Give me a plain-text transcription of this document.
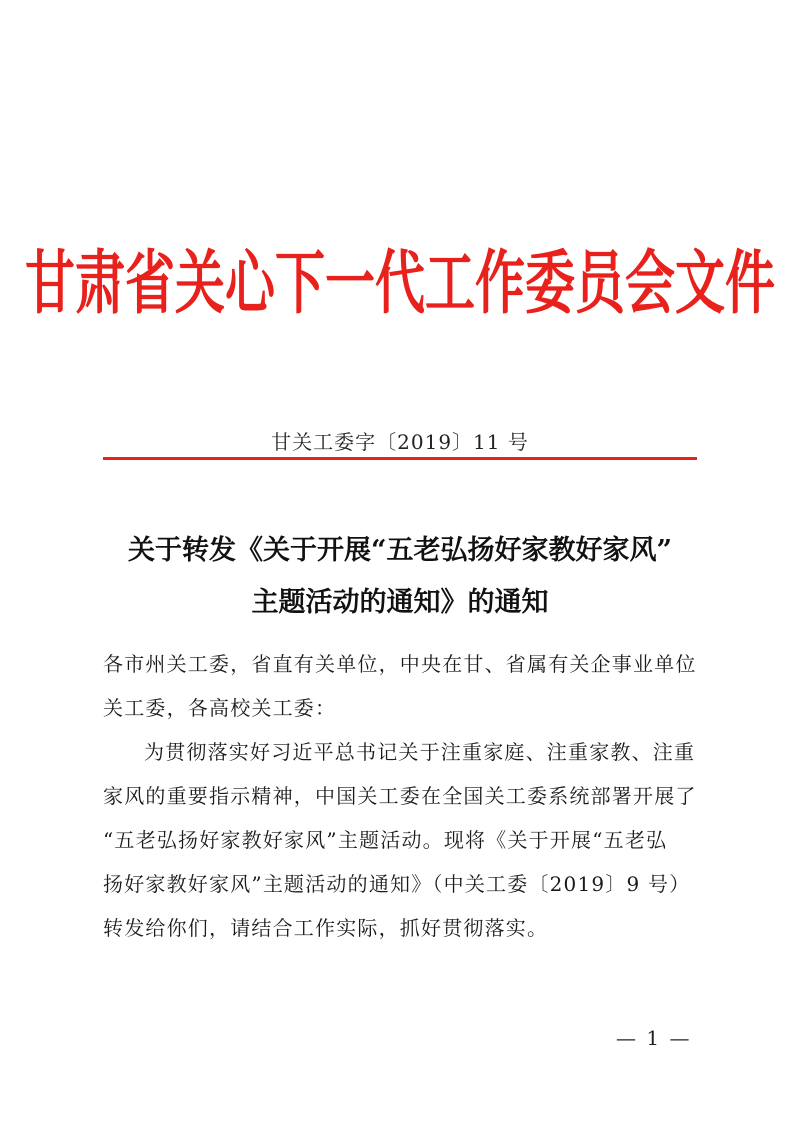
甘肃省关心下一代工作委员会文件
甘关工委字〔2019〕11 号
关于转发《关于开展“五老弘扬好家教好家风”
主题活动的通知》的通知
各市州关工委，省直有关单位，中央在甘、省属有关企事业单位
关工委，各高校关工委：
为贯彻落实好习近平总书记关于注重家庭、注重家教、注重
家风的重要指示精神，中国关工委在全国关工委系统部署开展了
“五老弘扬好家教好家风”主题活动。现将《关于开展“五老弘
扬好家教好家风”主题活动的通知》（中关工委〔2019〕9 号）
转发给你们，请结合工作实际，抓好贯彻落实。
— 1 —
